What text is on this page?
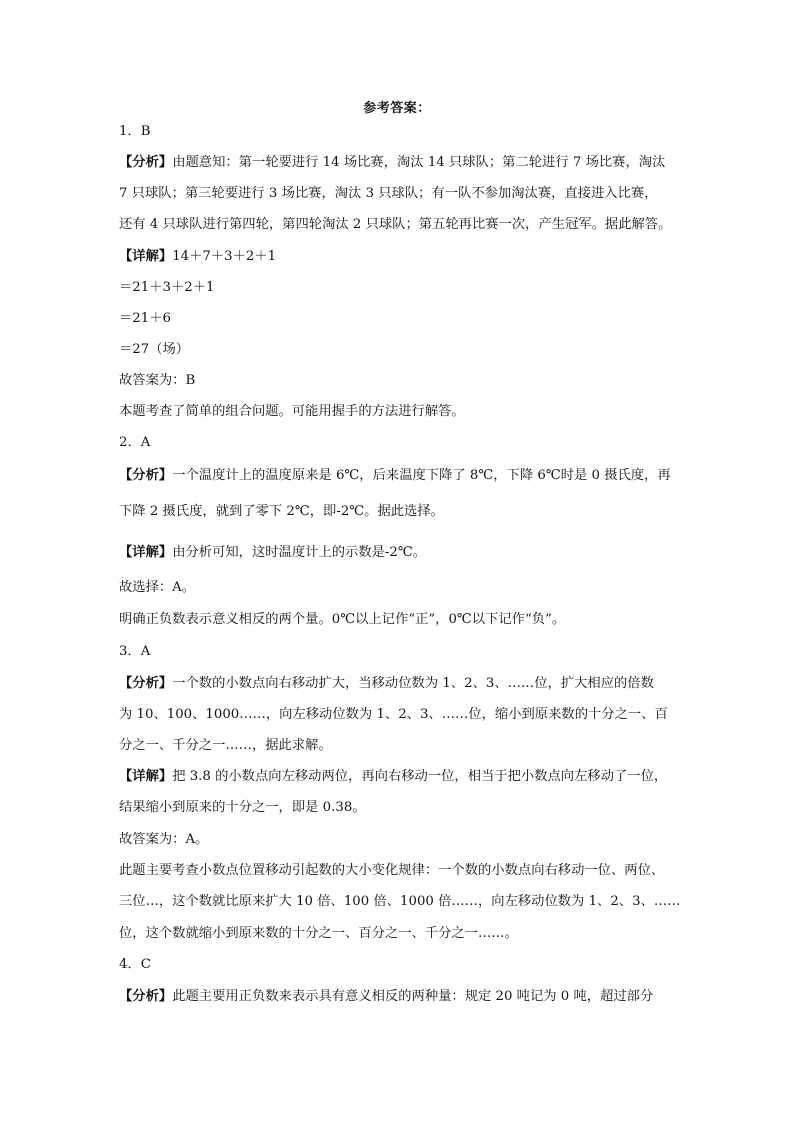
参考答案：
1．B
【分析】由题意知：第一轮要进行 14 场比赛，淘汰 14 只球队；第二轮进行 7 场比赛，淘汰
7 只球队；第三轮要进行 3 场比赛，淘汰 3 只球队；有一队不参加淘汰赛，直接进入比赛，
还有 4 只球队进行第四轮，第四轮淘汰 2 只球队；第五轮再比赛一次，产生冠军。据此解答。
【详解】14＋7＋3＋2＋1
＝21＋3＋2＋1
＝21＋6
＝27（场）
故答案为：B
本题考查了简单的组合问题。可能用握手的方法进行解答。
2．A
【分析】一个温度计上的温度原来是 6℃，后来温度下降了 8℃，下降 6℃时是 0 摄氏度，再
下降 2 摄氏度，就到了零下 2℃，即-2℃。据此选择。
【详解】由分析可知，这时温度计上的示数是-2℃。
故选择：A。
明确正负数表示意义相反的两个量。0℃以上记作“正”，0℃以下记作“负”。
3．A
【分析】一个数的小数点向右移动扩大，当移动位数为 1、2、3、……位，扩大相应的倍数
为 10、100、1000……，向左移动位数为 1、2、3、……位，缩小到原来数的十分之一、百
分之一、千分之一……，据此求解。
【详解】把 3.8 的小数点向左移动两位，再向右移动一位，相当于把小数点向左移动了一位，
结果缩小到原来的十分之一，即是 0.38。
故答案为：A。
此题主要考查小数点位置移动引起数的大小变化规律：一个数的小数点向右移动一位、两位、
三位…，这个数就比原来扩大 10 倍、100 倍、1000 倍……，向左移动位数为 1、2、3、……
位，这个数就缩小到原来数的十分之一、百分之一、千分之一……。
4．C
【分析】此题主要用正负数来表示具有意义相反的两种量：规定 20 吨记为 0 吨，超过部分
